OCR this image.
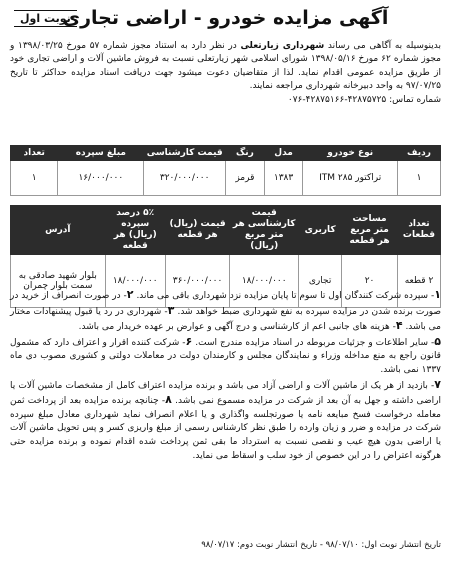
آگهی مزایده خودرو - اراضی تجاری
نوبت اول
بدینوسیله به آگاهی می رساند شهرداری زیارتعلی در نظر دارد به استناد مجوز شماره ۵۷ مورخ ۱۳۹۸/۰۳/۲۵ و مجوز شماره ۶۲ مورخ ۱۳۹۸/۰۵/۱۶ شورای اسلامی شهر زیارتعلی نسبت به فروش ماشین آلات و اراضی تجاری خود از طریق مزایده عمومی اقدام نماید. لذا از متقاضیان دعوت میشود جهت دریافت اسناد مزایده حداکثر تا تاریخ ۹۷/۰۷/۲۵ به واحد دبیرخانه شهرداری مراجعه نمایند.
شماره تماس: ۴۲۸۷۵۷۲۵-۴۲۸۷۵۱۶۶-۰۷۶
ردیف	نوع خودرو	مدل	رنگ	قیمت کارشناسی	مبلغ سپرده	تعداد
۱	تراکتور ITM ۲۸۵	۱۳۸۳	قرمز	۳۲۰/۰۰۰/۰۰۰	۱۶/۰۰۰/۰۰۰	۱
تعداد قطعات	مساحت متر مربع هر قطعه	کاربری	قیمت کارشناسی هر متر مربع (ریال)	قیمت (ریال) هر قطعه	۵٪ درصد سپرده (ریال) هر قطعه	آدرس
۲ قطعه	۲۰	تجاری	۱۸/۰۰۰/۰۰۰	۳۶۰/۰۰۰/۰۰۰	۱۸/۰۰۰/۰۰۰	بلوار شهید صادقی به سمت بلوار چمران
۱- سپرده شرکت کنندگان اول تا سوم تا پایان مزایده نزد شهرداری باقی می ماند. ۲- در صورت انصراف از خرید در صورت برنده شدن در مزایده سپرده به نفع شهرداری ضبط خواهد شد. ۳- شهرداری در رد یا قبول پیشنهادات مختار می باشد. ۴- هزینه های جانبی اعم از کارشناسی و درج آگهی و عوارض بر عهده خریدار می باشد.
۵- سایر اطلاعات و جزئیات مربوطه در اسناد مزایده مندرج است. ۶- شرکت کننده اقرار و اعتراف دارد که مشمول قانون راجع به منع مداخله وزراء و نمایندگان مجلس و کارمندان دولت در معاملات دولتی و کشوری مصوب دی ماه ۱۳۳۷ نمی باشد.
۷- بازدید از هر یک از ماشین آلات و اراضی آزاد می باشد و برنده مزایده اعتراف کامل از مشخصات ماشین آلات یا اراضی داشته و جهل به آن بعد از شرکت در مزایده مسموع نمی باشد. ۸- چنانچه برنده مزایده بعد از پرداخت ثمن معامله درخواست فسخ مبایعه نامه یا صورتجلسه واگذاری و یا اعلام انصراف نماید شهرداری معادل مبلغ سپرده شرکت در مزایده و ضرر و زیان وارده را طبق نظر کارشناس رسمی از مبلغ واریزی کسر و پس تحویل ماشین آلات یا اراضی بدون هیچ عیب و نقصی نسبت به استرداد ما بقی ثمن پرداخت شده اقدام نموده و برنده مزایده حتی هرگونه اعتراض را در این خصوص از خود سلب و اسقاط می نماید.
تاریخ انتشار نوبت اول: ۹۸/۰۷/۱۰ - تاریخ انتشار نوبت دوم: ۹۸/۰۷/۱۷
